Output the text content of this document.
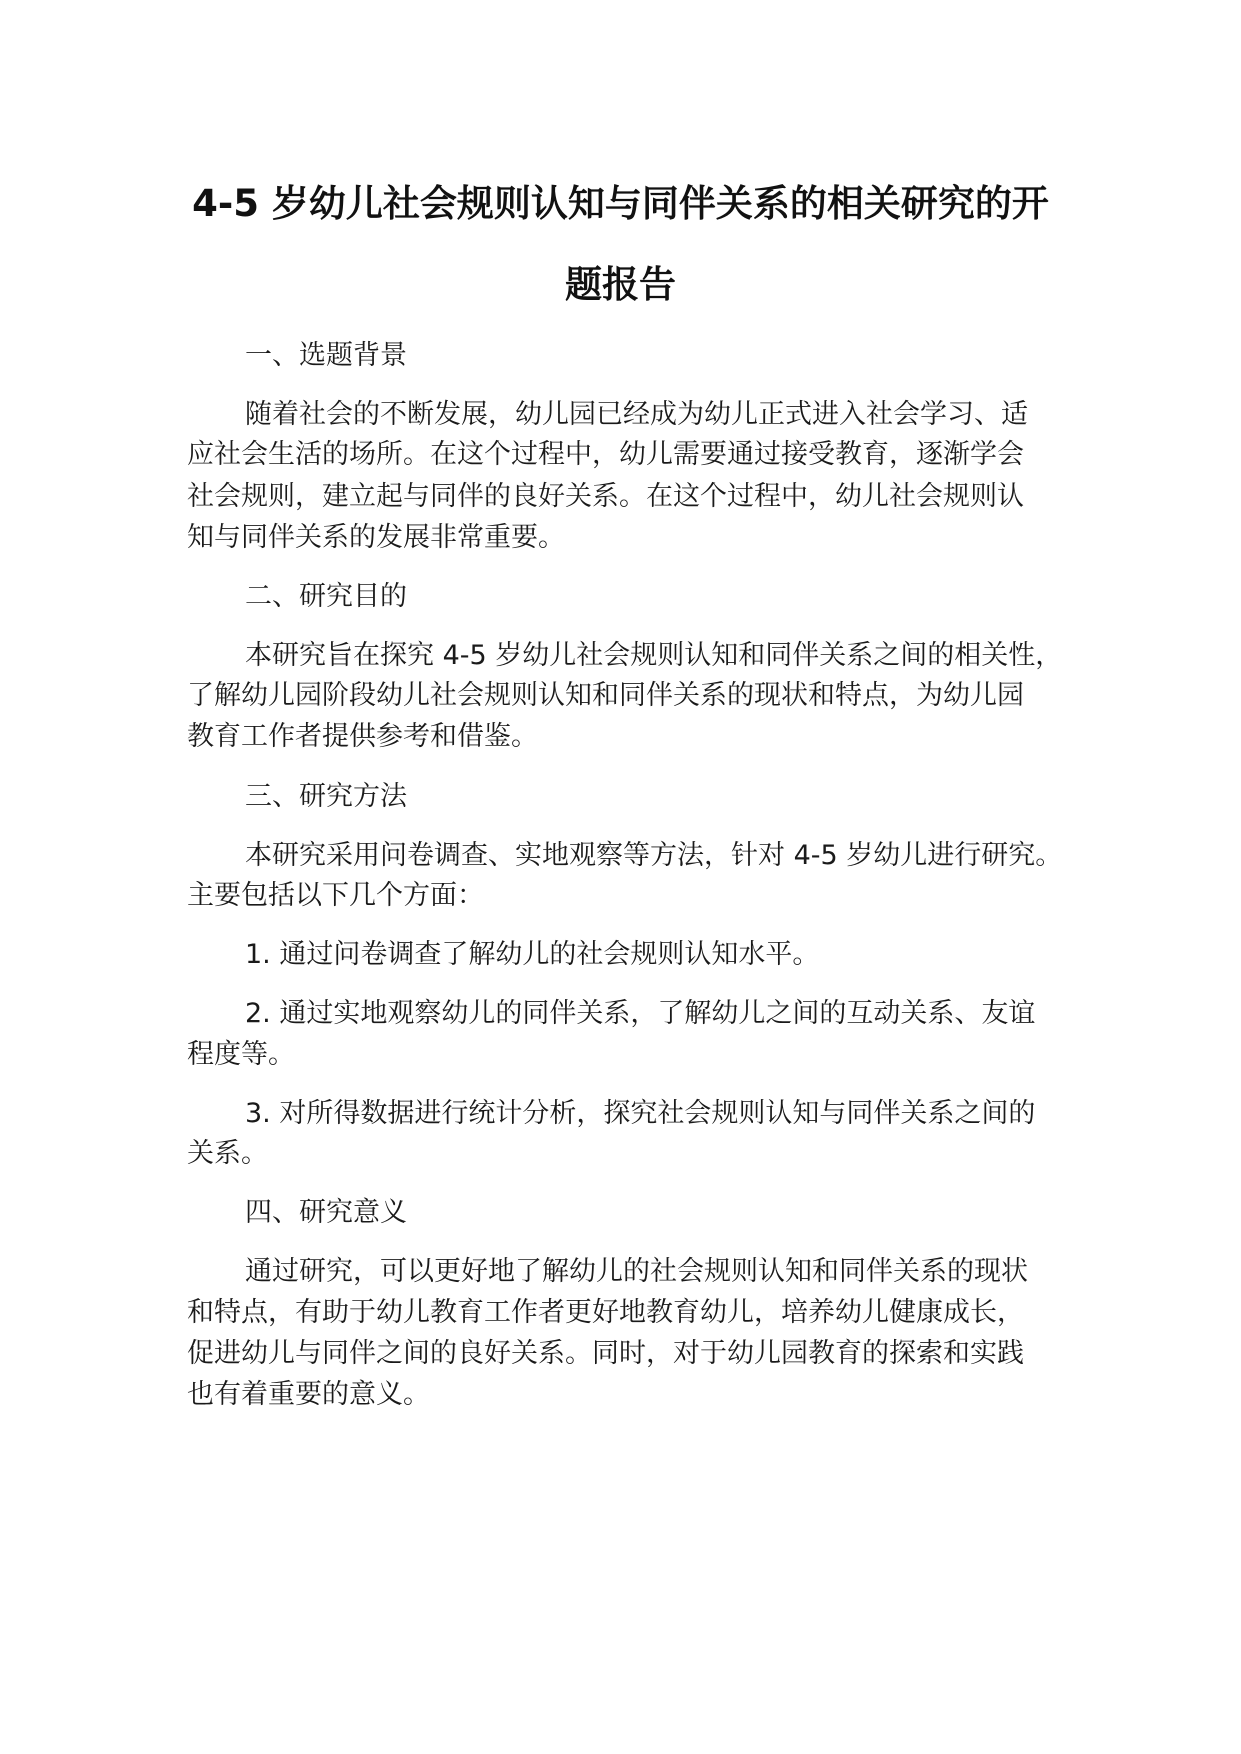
4-5 岁幼儿社会规则认知与同伴关系的相关研究的开
题报告
一、选题背景
随着社会的不断发展，幼儿园已经成为幼儿正式进入社会学习、适
应社会生活的场所。在这个过程中，幼儿需要通过接受教育，逐渐学会
社会规则，建立起与同伴的良好关系。在这个过程中，幼儿社会规则认
知与同伴关系的发展非常重要。
二、研究目的
本研究旨在探究 4-5 岁幼儿社会规则认知和同伴关系之间的相关性，
了解幼儿园阶段幼儿社会规则认知和同伴关系的现状和特点，为幼儿园
教育工作者提供参考和借鉴。
三、研究方法
本研究采用问卷调查、实地观察等方法，针对 4-5 岁幼儿进行研究。
主要包括以下几个方面：
1. 通过问卷调查了解幼儿的社会规则认知水平。
2. 通过实地观察幼儿的同伴关系，了解幼儿之间的互动关系、友谊
程度等。
3. 对所得数据进行统计分析，探究社会规则认知与同伴关系之间的
关系。
四、研究意义
通过研究，可以更好地了解幼儿的社会规则认知和同伴关系的现状
和特点，有助于幼儿教育工作者更好地教育幼儿，培养幼儿健康成长，
促进幼儿与同伴之间的良好关系。同时，对于幼儿园教育的探索和实践
也有着重要的意义。
